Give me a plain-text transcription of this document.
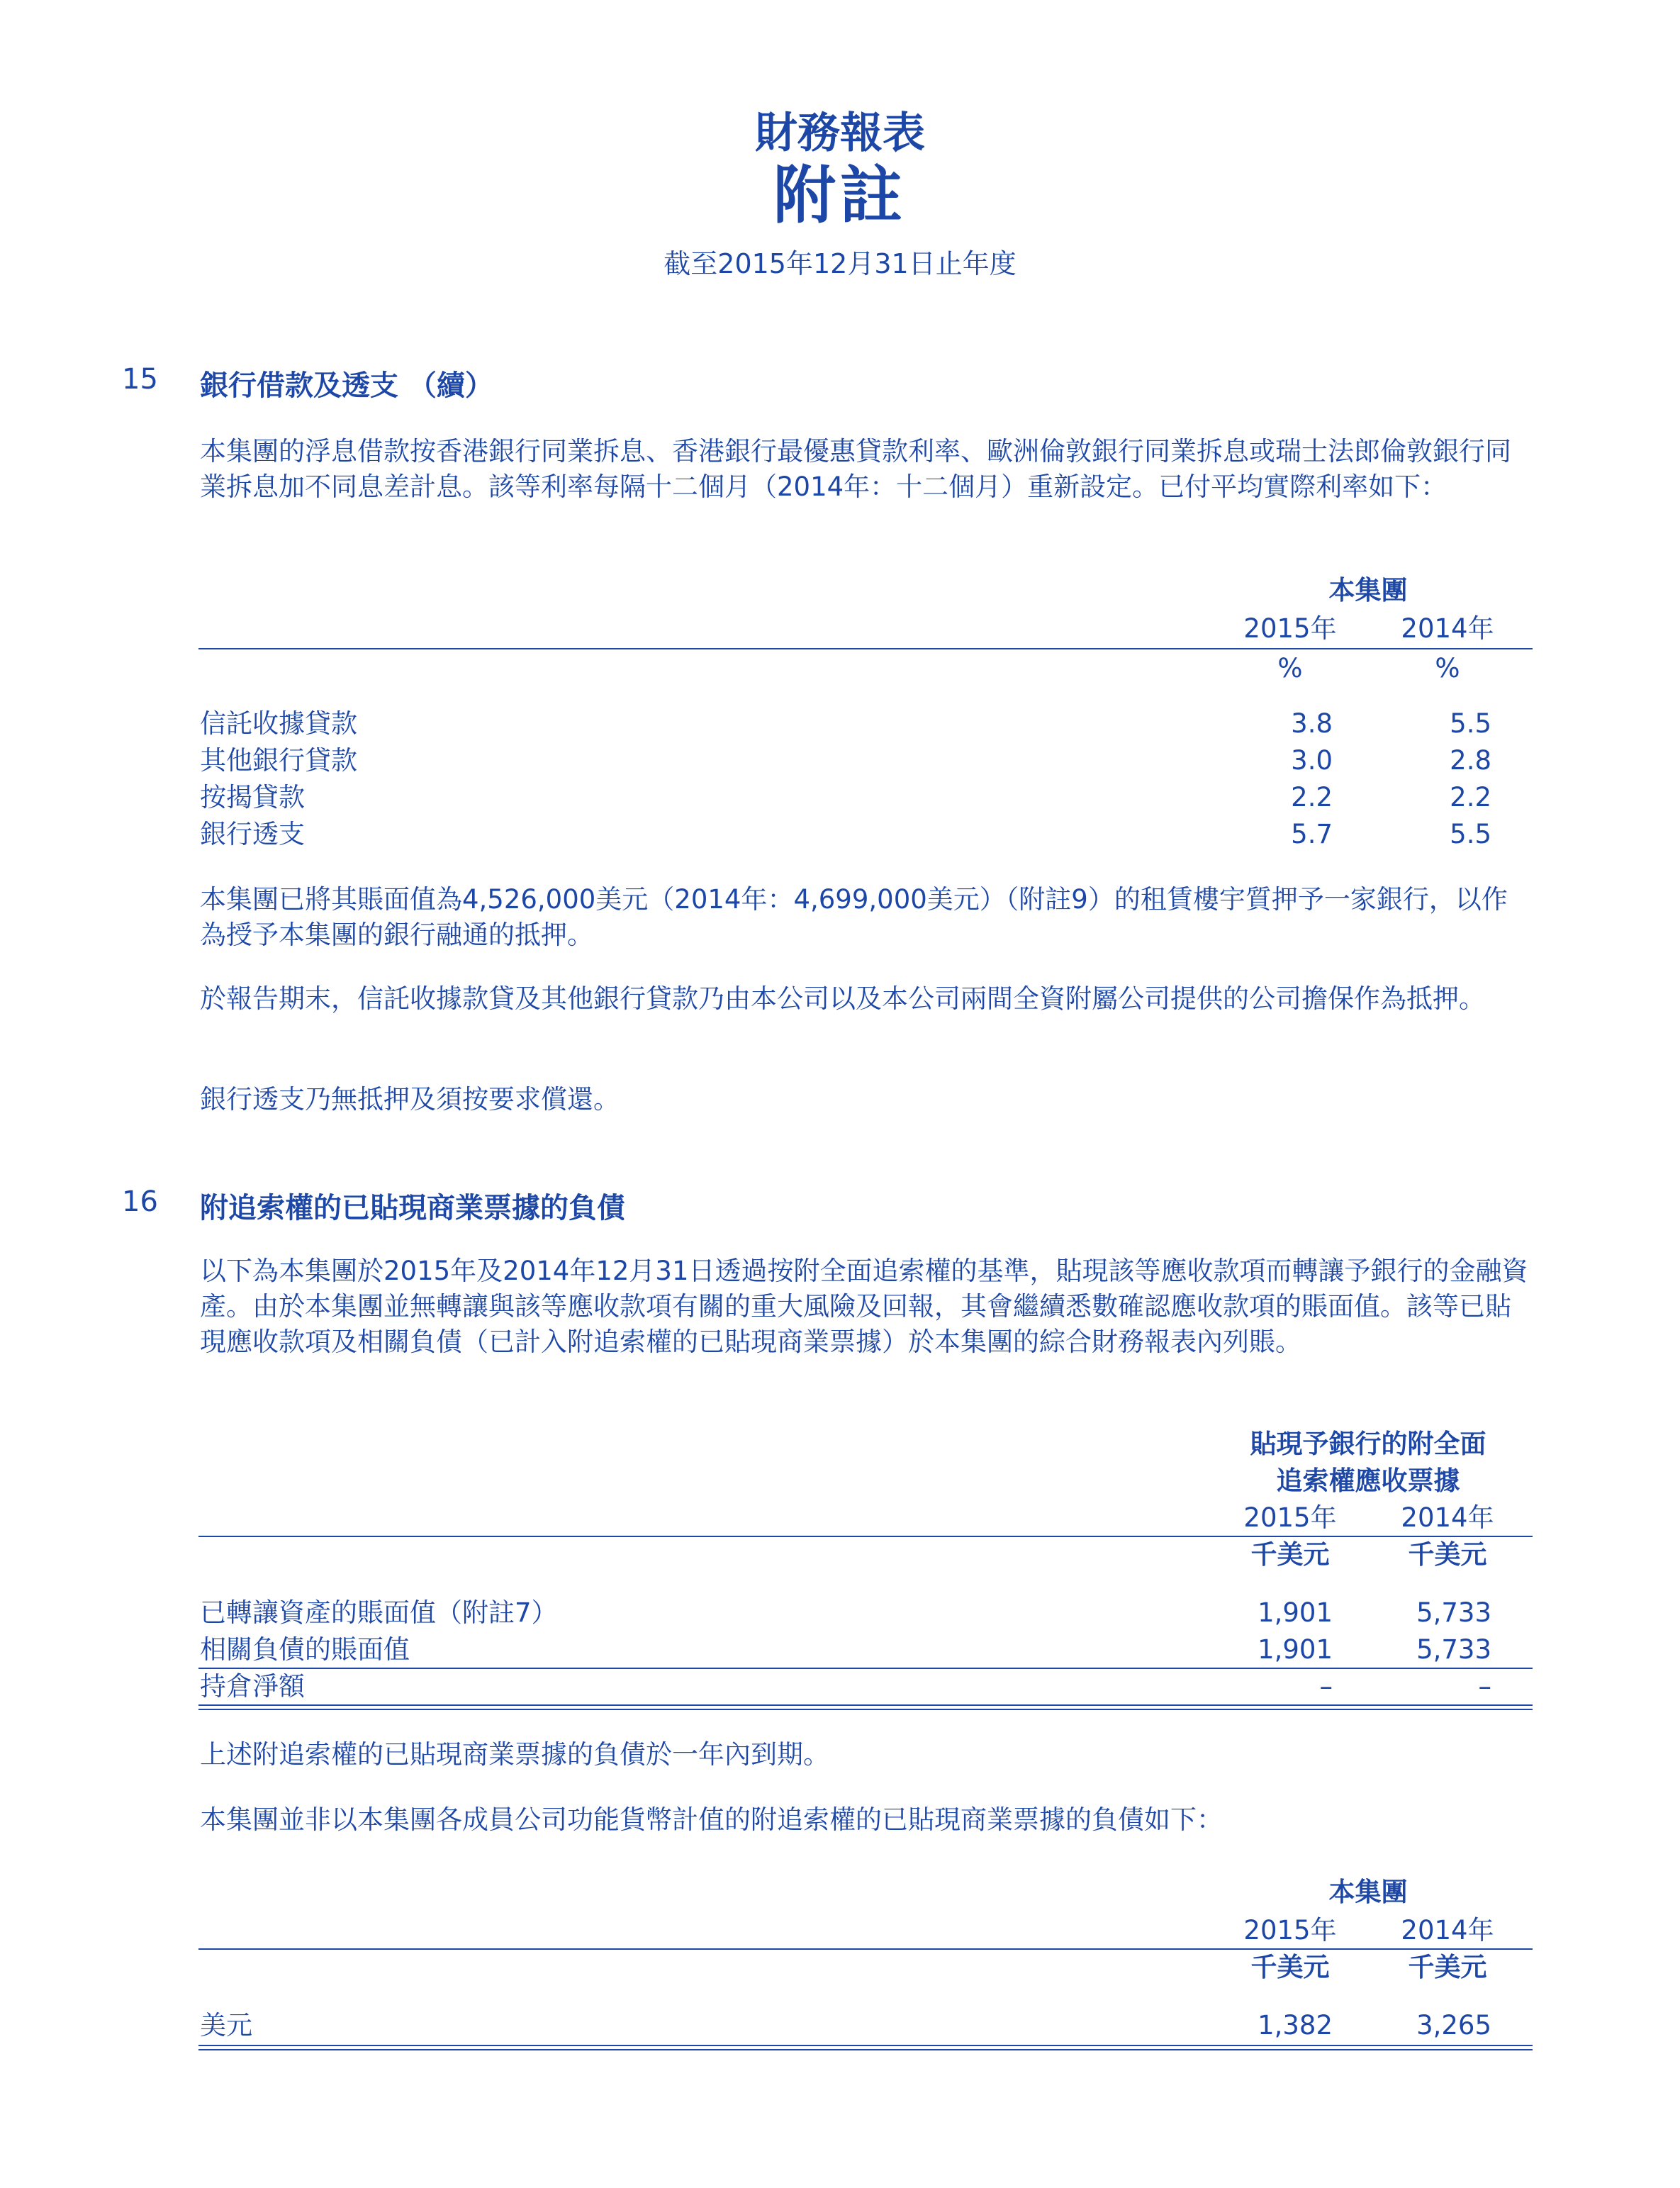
財務報表
附註
截至2015年12月31日止年度
15 銀行借款及透支 （續）
本集團的浮息借款按香港銀行同業拆息、香港銀行最優惠貸款利率、歐洲倫敦銀行同業拆息或瑞士法郎倫敦銀行同業拆息加不同息差計息。該等利率每隔十二個月（2014年：十二個月）重新設定。已付平均實際利率如下：
本集團
2015年	2014年
%	%
信託收據貸款	3.8	5.5
其他銀行貸款	3.0	2.8
按揭貸款	2.2	2.2
銀行透支	5.7	5.5
本集團已將其賬面值為4,526,000美元（2014年：4,699,000美元）（附註9）的租賃樓宇質押予一家銀行，以作為授予本集團的銀行融通的抵押。
於報告期末，信託收據款貸及其他銀行貸款乃由本公司以及本公司兩間全資附屬公司提供的公司擔保作為抵押。
銀行透支乃無抵押及須按要求償還。
16 附追索權的已貼現商業票據的負債
以下為本集團於2015年及2014年12月31日透過按附全面追索權的基準，貼現該等應收款項而轉讓予銀行的金融資產。由於本集團並無轉讓與該等應收款項有關的重大風險及回報，其會繼續悉數確認應收款項的賬面值。該等已貼現應收款項及相關負債（已計入附追索權的已貼現商業票據）於本集團的綜合財務報表內列賬。
貼現予銀行的附全面
追索權應收票據
2015年	2014年
千美元	千美元
已轉讓資產的賬面值（附註7）	1,901	5,733
相關負債的賬面值	1,901	5,733
持倉淨額	–	–
上述附追索權的已貼現商業票據的負債於一年內到期。
本集團並非以本集團各成員公司功能貨幣計值的附追索權的已貼現商業票據的負債如下：
本集團
2015年	2014年
千美元	千美元
美元	1,382	3,265
